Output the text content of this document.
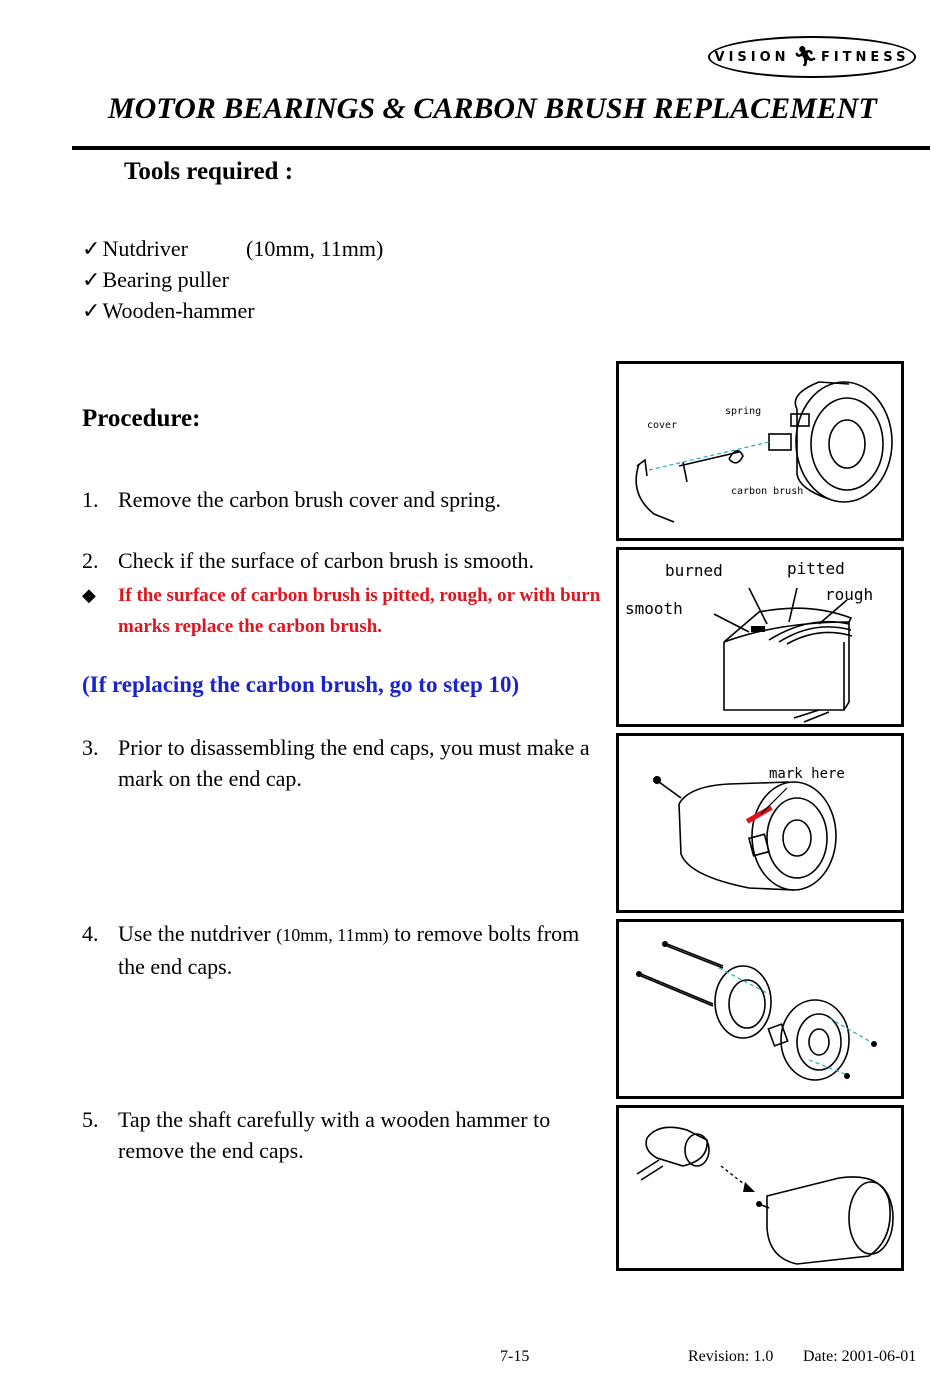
VISION 🏃︎ FITNESS
MOTOR BEARINGS & CARBON BRUSH REPLACEMENT
Tools required :
✓Nutdriver	(10mm, 11mm)
✓Bearing puller
✓Wooden-hammer
Procedure:
1. Remove the carbon brush cover and spring.
2. Check if the surface of carbon brush is smooth.
◆ If the surface of carbon brush is pitted, rough, or with burn marks replace the carbon brush.
(If replacing the carbon brush, go to step 10)
3. Prior to disassembling the end caps, you must make a mark on the end cap.
4. Use the nutdriver (10mm, 11mm) to remove bolts from the end caps.
5. Tap the shaft carefully with a wooden hammer to remove the end caps.
cover
spring
carbon brush
burned	pitted
smooth
rough
mark here
7-15	Revision: 1.0 Date: 2001-06-01
